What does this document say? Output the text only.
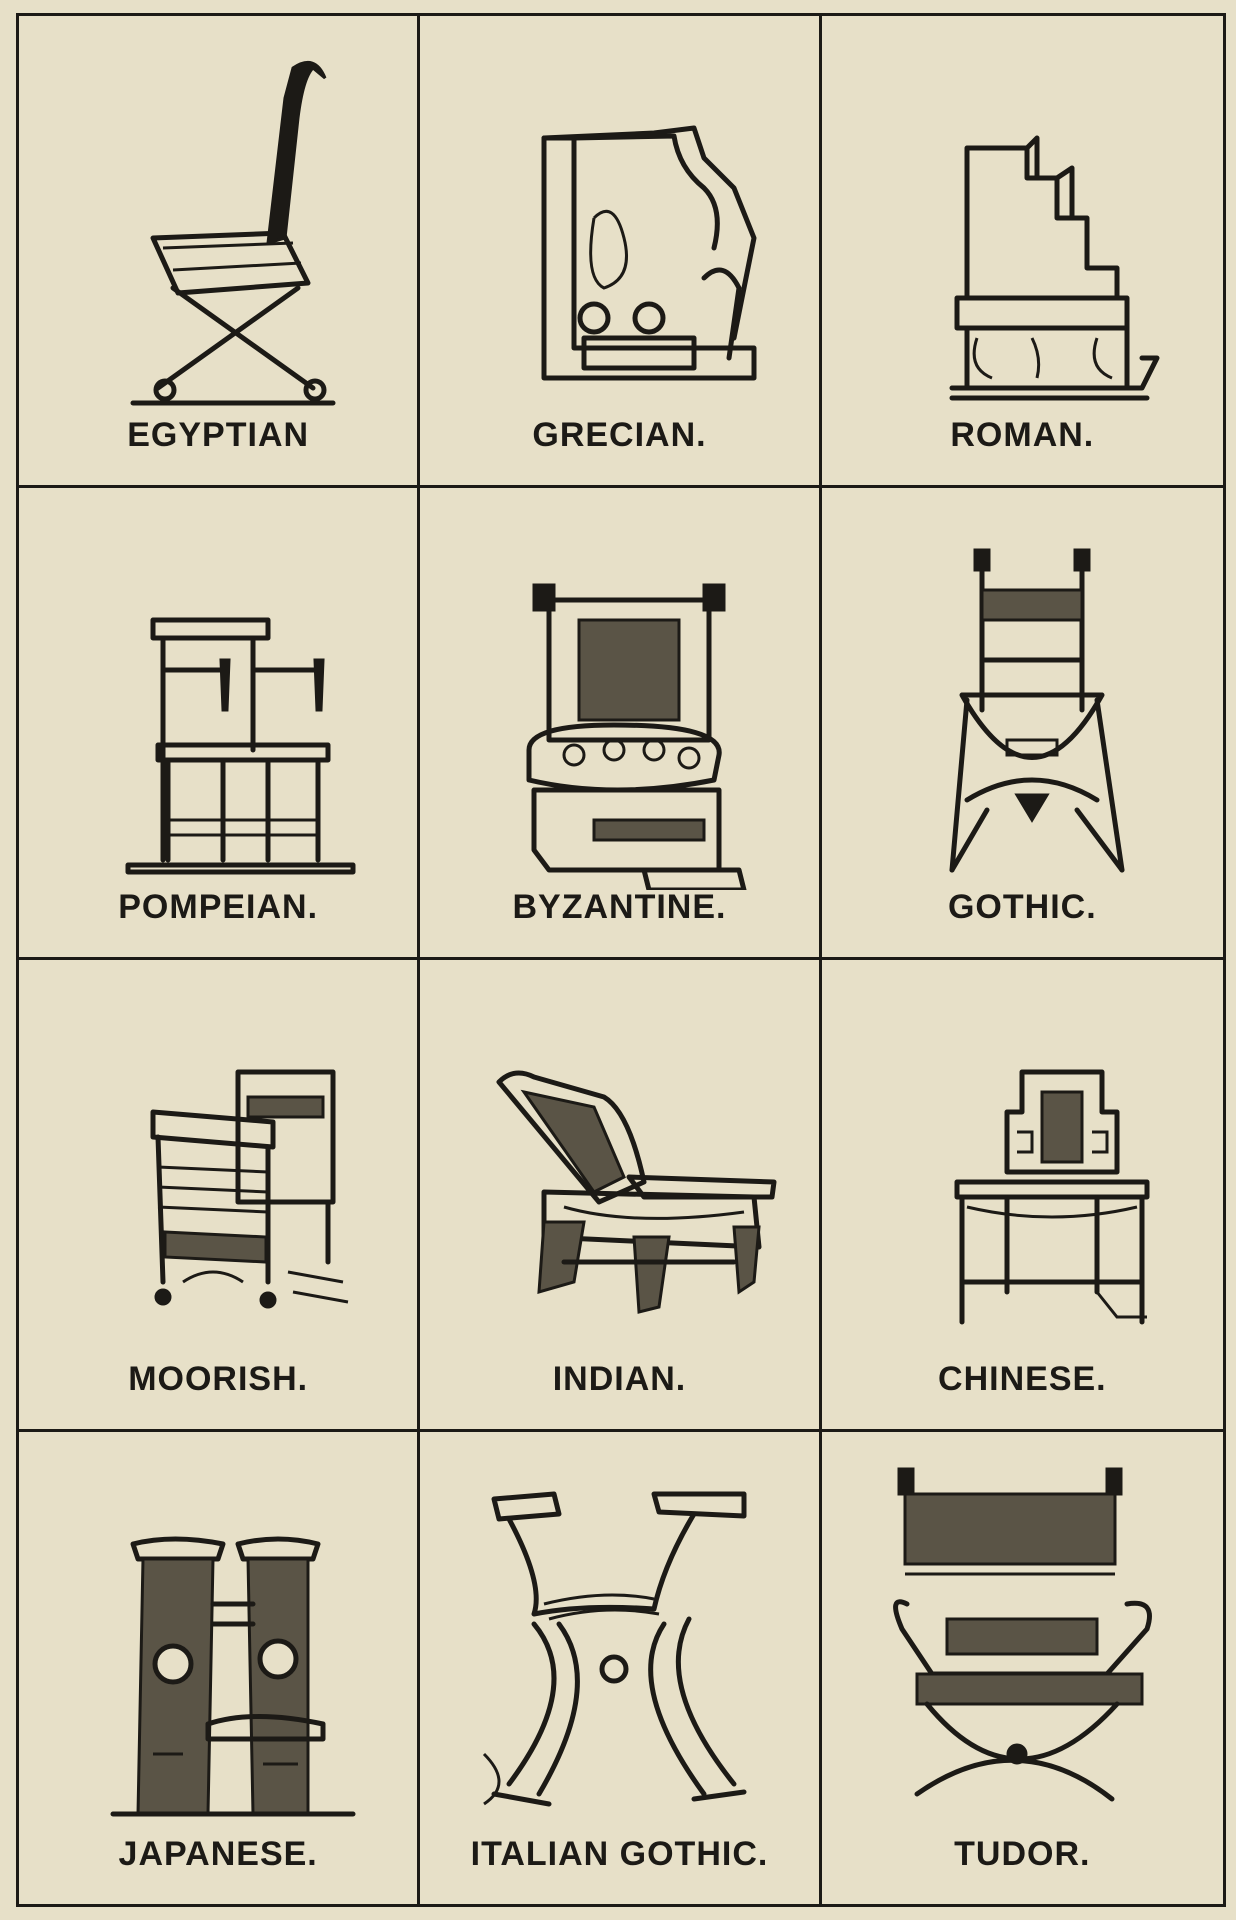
EGYPTIAN	GRECIAN.	ROMAN.
POMPEIAN.	BYZANTINE.	GOTHIC.
MOORISH.	INDIAN.	CHINESE.
JAPANESE.	ITALIAN GOTHIC.	TUDOR.
